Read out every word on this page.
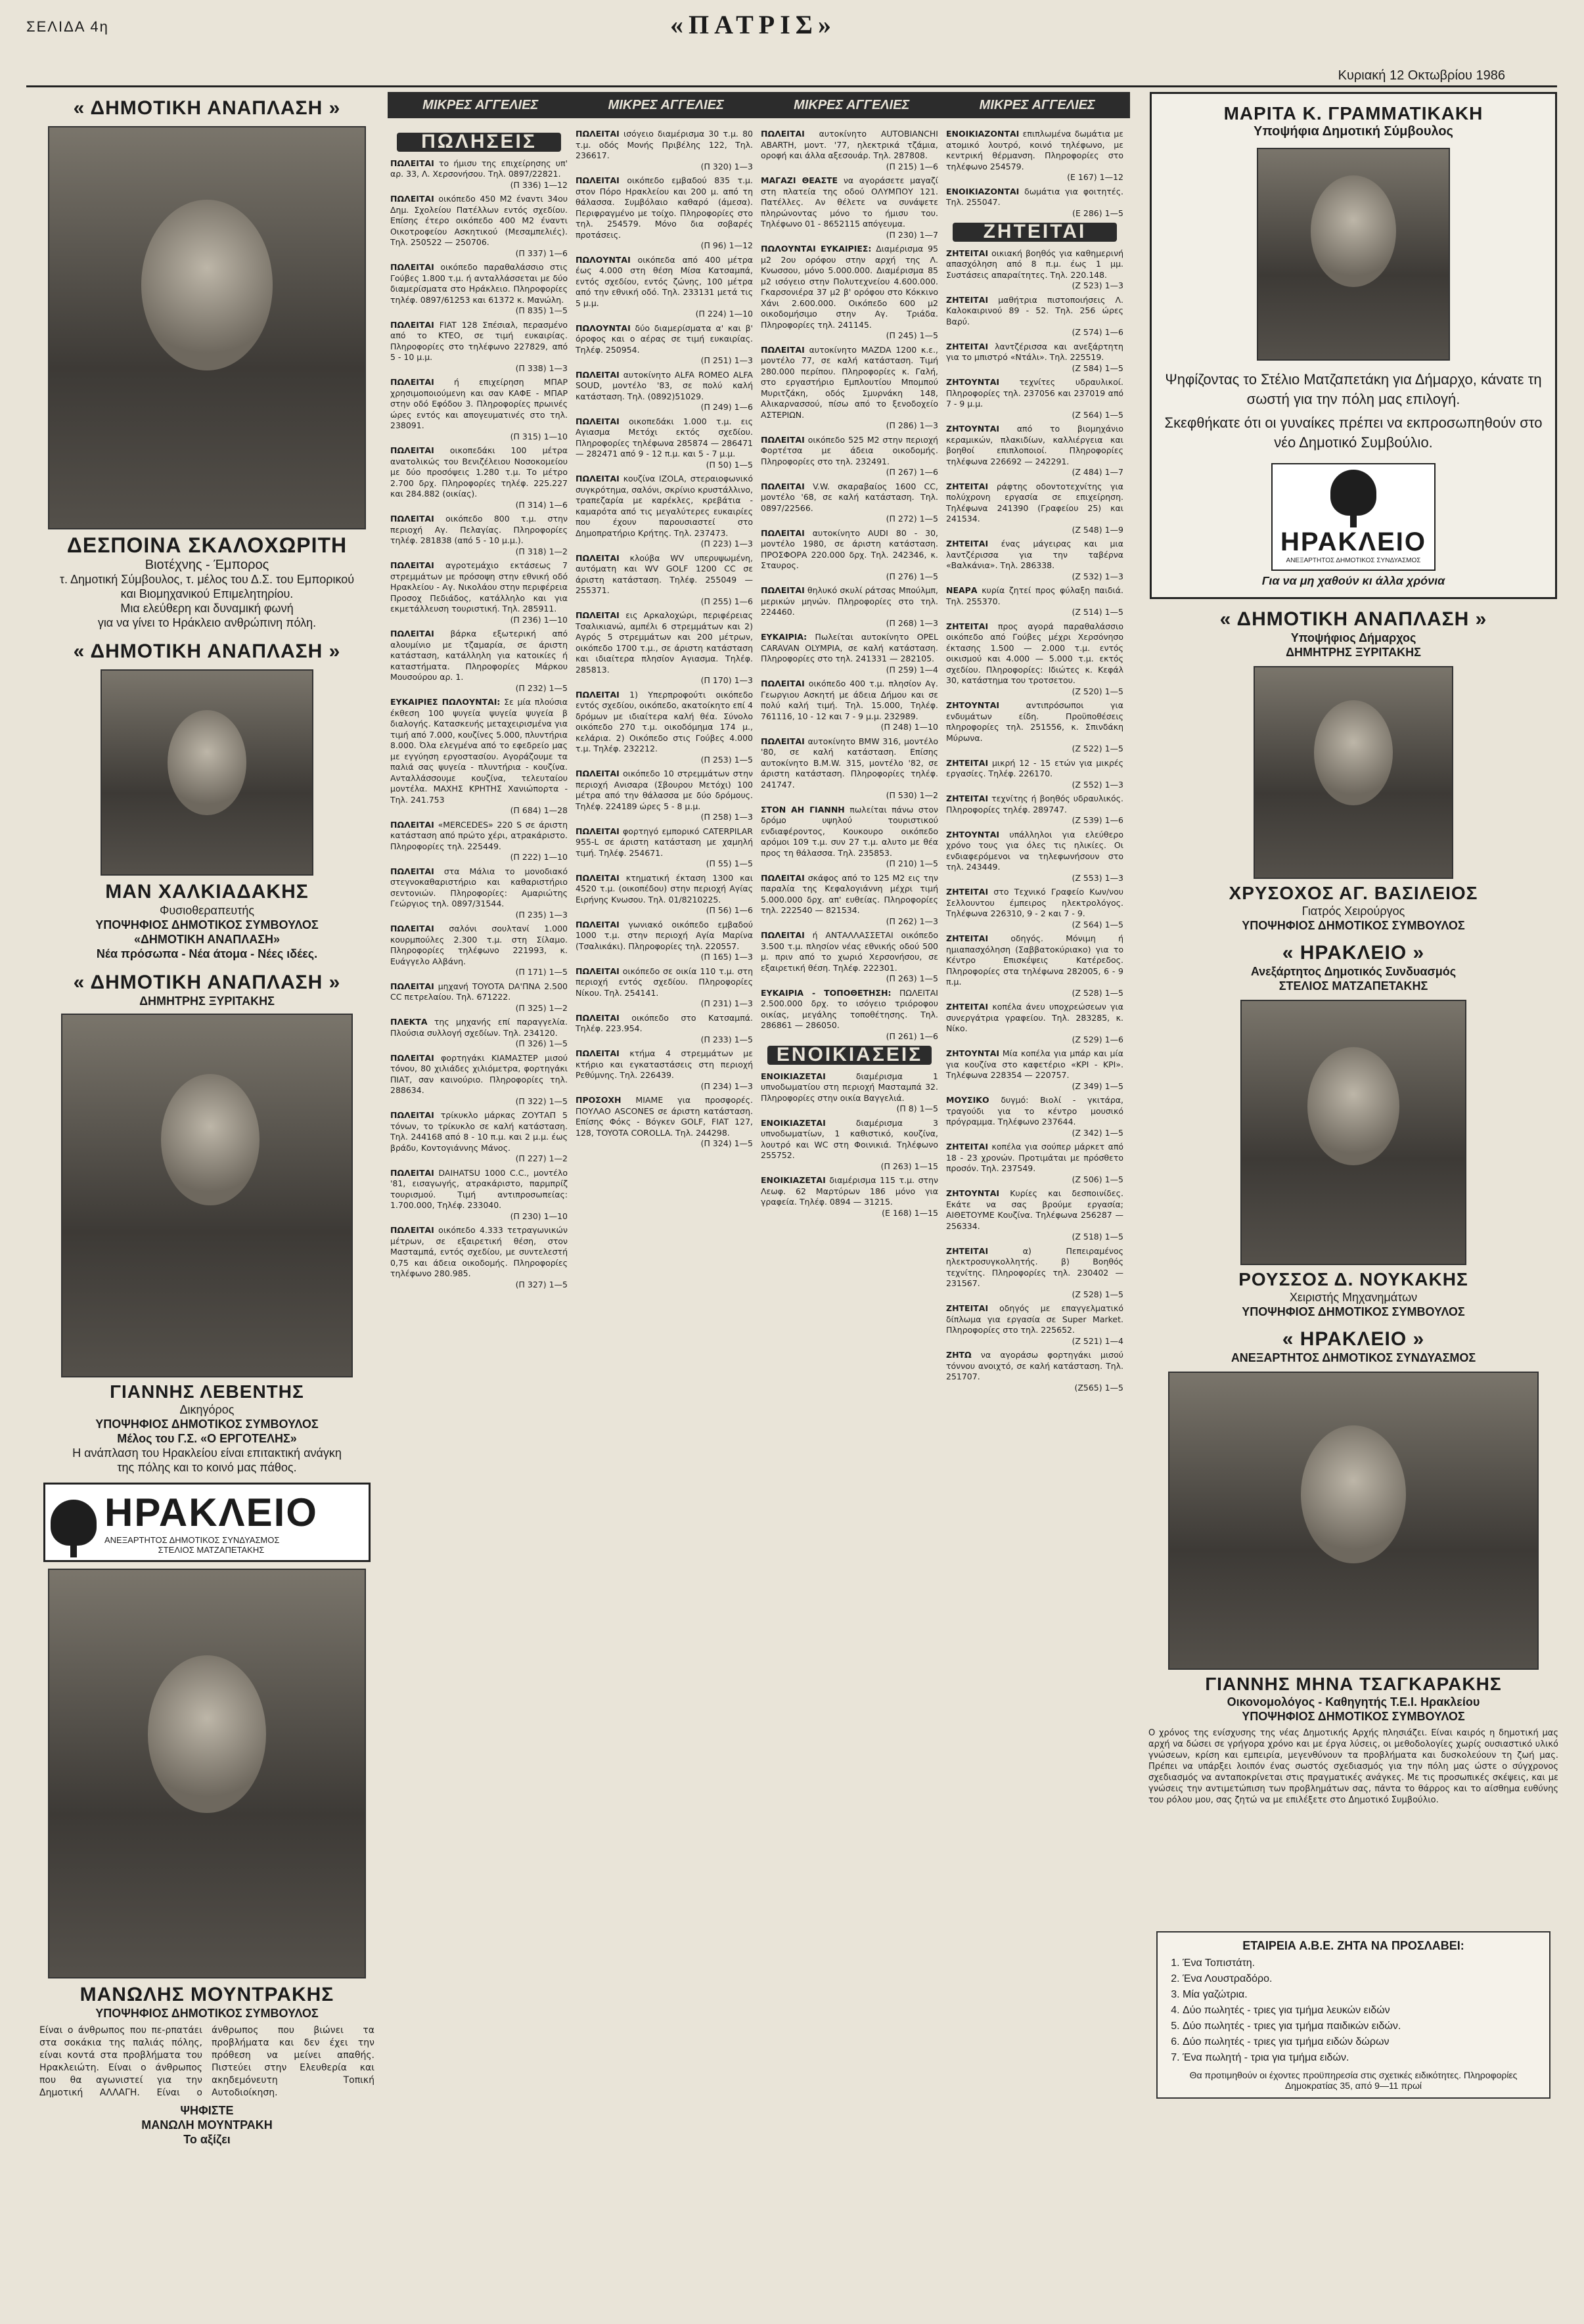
ΣΕΛΙΔΑ 4η	«ΠΑΤΡΙΣ»
Κυριακή 12 Οκτωβρίου 1986
« ΔΗΜΟΤΙΚΗ ΑΝΑΠΛΑΣΗ »
ΔΕΣΠΟΙΝΑ ΣΚΑΛΟΧΩΡΙΤΗ
Βιοτέχνης - Έμπορος
τ. Δημοτική Σύμβουλος, τ. μέλος του Δ.Σ. του Εμπορικού
και Βιομηχανικού Επιμελητηρίου.
Μια ελεύθερη και δυναμική φωνή
για να γίνει το Ηράκλειο ανθρώπινη πόλη.
« ΔΗΜΟΤΙΚΗ ΑΝΑΠΛΑΣΗ »
ΜΑΝ ΧΑΛΚΙΑΔΑΚΗΣ
Φυσιοθεραπευτής
ΥΠΟΨΗΦΙΟΣ ΔΗΜΟΤΙΚΟΣ ΣΥΜΒΟΥΛΟΣ
«ΔΗΜΟΤΙΚΗ ΑΝΑΠΛΑΣΗ»
Νέα πρόσωπα - Νέα άτομα - Νέες ιδέες.
« ΔΗΜΟΤΙΚΗ ΑΝΑΠΛΑΣΗ »
ΔΗΜΗΤΡΗΣ ΞΥΡΙΤΑΚΗΣ
ΓΙΑΝΝΗΣ ΛΕΒΕΝΤΗΣ
Δικηγόρος
ΥΠΟΨΗΦΙΟΣ ΔΗΜΟΤΙΚΟΣ ΣΥΜΒΟΥΛΟΣ
Μέλος του Γ.Σ. «Ο ΕΡΓΟΤΕΛΗΣ»
Η ανάπλαση του Ηρακλείου είναι επιτακτική ανάγκη
της πόλης και το κοινό μας πάθος.
ΗΡΑΚΛΕΙΟ
ΑΝΕΞΑΡΤΗΤΟΣ ΔΗΜΟΤΙΚΟΣ ΣΥΝΔΥΑΣΜΟΣ
ΣΤΕΛΙΟΣ ΜΑΤΖΑΠΕΤΑΚΗΣ
ΜΑΝΩΛΗΣ ΜΟΥΝΤΡΑΚΗΣ
ΥΠΟΨΗΦΙΟΣ ΔΗΜΟΤΙΚΟΣ ΣΥΜΒΟΥΛΟΣ
Είναι ο άνθρωπος που πε-ρπατάει στα σοκάκια της παλιάς πόλης, είναι κοντά στα προβλήματα του Ηρακλειώτη. Είναι ο άνθρωπος που θα αγωνιστεί για την Δημοτική ΑΛΛΑΓΗ. Είναι ο άνθρωπος που βιώνει τα προβλήματα και δεν έχει την πρόθεση να μείνει απαθής. Πιστεύει στην Ελευθερία και ακηδεμόνευτη Τοπική Αυτοδιοίκηση.
ΨΗΦΙΣΤΕ
ΜΑΝΩΛΗ ΜΟΥΝΤΡΑΚΗ
Το αξίζει
ΜΙΚΡΕΣ ΑΓΓΕΛΙΕΣ	ΜΙΚΡΕΣ ΑΓΓΕΛΙΕΣ	ΜΙΚΡΕΣ ΑΓΓΕΛΙΕΣ	ΜΙΚΡΕΣ ΑΓΓΕΛΙΕΣ
ΠΩΛΗΣΕΙΣ

ΠΩΛΕΙΤΑΙ το ήμισυ της επιχείρησης υπ' αρ. 33, Λ. Χερσονήσου. Τηλ. 0897/22821.
(Π 336) 1—12

ΠΩΛΕΙΤΑΙ οικόπεδο 450 Μ2 έναντι 34ου Δημ. Σχολείου Πατέλλων εντός σχεδίου. Επίσης έτερο οικόπεδο 400 Μ2 έναντι Οικοτροφείου Ασκητικού (Μεσαμπελιές). Τηλ. 250522 — 250706.
(Π 337) 1—6

ΠΩΛΕΙΤΑΙ οικόπεδο παραθαλάσσιο στις Γούβες 1.800 τ.μ. ή ανταλλάσσεται με δύο διαμερίσματα στο Ηράκλειο. Πληροφορίες τηλέφ. 0897/61253 και 61372 κ. Μανώλη.
(Π 835) 1—5

ΠΩΛΕΙΤΑΙ FIAT 128 Σπέσιαλ, περασμένο από το ΚΤΕΟ, σε τιμή ευκαιρίας. Πληροφορίες στο τηλέφωνο 227829, από 5 - 10 μ.μ.
(Π 338) 1—3

ΠΩΛΕΙΤΑΙ ή επιχείρηση ΜΠΑΡ χρησιμοποιούμενη και σαν ΚΑΦΕ - ΜΠΑΡ στην οδό Εφόδου 3. Πληροφορίες πρωινές ώρες εντός και απογευματινές στο τηλ. 238091.
(Π 315) 1—10

ΠΩΛΕΙΤΑΙ οικοπεδάκι 100 μέτρα ανατολικώς του Βενιζέλειου Νοσοκομείου με δύο προσόψεις 1.280 τ.μ. Το μέτρο 2.700 δρχ. Πληροφορίες τηλέφ. 225.227 και 284.882 (οικίας).
(Π 314) 1—6

ΠΩΛΕΙΤΑΙ οικόπεδο 800 τ.μ. στην περιοχή Αγ. Πελαγίας. Πληροφορίες τηλέφ. 281838 (από 5 - 10 μ.μ.).
(Π 318) 1—2

ΠΩΛΕΙΤΑΙ αγροτεμάχιο εκτάσεως 7 στρεμμάτων με πρόσοψη στην εθνική οδό Ηρακλείου - Αγ. Νικολάου στην περιφέρεια Προσοχ Πεδιάδος, κατάλληλο και για εκμετάλλευση τουριστική. Τηλ. 285911.
(Π 236) 1—10

ΠΩΛΕΙΤΑΙ βάρκα εξωτερική από αλουμίνιο με τζαμαρία, σε άριστη κατάσταση, κατάλληλη για κατοικίες ή καταστήματα. Πληροφορίες Μάρκου Μουσούρου αρ. 1.
(Π 232) 1—5

ΕΥΚΑΙΡΙΕΣ ΠΩΛΟΥΝΤΑΙ: Σε μία πλούσια έκθεση 100 ψυγεία ψυγεία ψυγεία β διαλογής. Κατασκευής μεταχειρισμένα για τιμή από 7.000, κουζίνες 5.000, πλυντήρια 8.000. Όλα ελεγμένα από το εφεδρείο μας με εγγύηση εργοστασίου. Αγοράζουμε τα παλιά σας ψυγεία - πλυντήρια - κουζίνα. Ανταλλάσσουμε κουζίνα, τελευταίου μοντέλα. ΜΑΧΗΣ ΚΡΗΤΗΣ Χανιώπορτα - Τηλ. 241.753
(Π 684) 1—28

ΠΩΛΕΙΤΑΙ «MERCEDES» 220 S σε άριστη κατάσταση από πρώτο χέρι, ατρακάριστο. Πληροφορίες τηλ. 225449.
(Π 222) 1—10

ΠΩΛΕΙΤΑΙ στα Μάλια το μονοδιακό στεγνοκαθαριστήριο και καθαριστήριο σεντονιών. Πληροφορίες: Αμαριώτης Γεώργιος τηλ. 0897/31544.
(Π 235) 1—3

ΠΩΛΕΙΤΑΙ σαλόνι σουλτανί 1.000 κουρμπούλες 2.300 τ.μ. στη Σίλαμο. Πληροφορίες τηλέφωνο 221993, κ. Ευάγγελο Αλβάνη.
(Π 171) 1—5

ΠΩΛΕΙΤΑΙ μηχανή TOYOTA DA'ΠΝΑ 2.500 CC πετρελαίου. Τηλ. 671222.
(Π 325) 1—2

ΠΛΕΚΤΑ της μηχανής επί παραγγελία. Πλούσια συλλογή σχεδίων. Τηλ. 234120.
(Π 326) 1—5

ΠΩΛΕΙΤΑΙ φορτηγάκι ΚΙΑΜΑΣΤΕΡ μισού τόνου, 80 χιλιάδες χιλιόμετρα, φορτηγάκι ΠΙΑΤ, σαν καινούριο. Πληροφορίες τηλ. 288634.
(Π 322) 1—5

ΠΩΛΕΙΤΑΙ τρίκυκλο μάρκας ΖΟΥΤΑΠ 5 τόνων, το τρίκυκλο σε καλή κατάσταση. Τηλ. 244168 από 8 - 10 π.μ. και 2 μ.μ. έως βράδυ, Κοντογιάννης Μάνος.
(Π 227) 1—2

ΠΩΛΕΙΤΑΙ DAIHATSU 1000 C.C., μοντέλο '81, εισαγωγής, ατρακάριστο, παρμπρίζ τουρισμού. Τιμή αντιπροσωπείας: 1.700.000, Τηλέφ. 233040.
(Π 230) 1—10

ΠΩΛΕΙΤΑΙ οικόπεδο 4.333 τετραγωνικών μέτρων, σε εξαιρετική θέση, στον Μασταμπά, εντός σχεδίου, με συντελεστή 0,75 και άδεια οικοδομής. Πληροφορίες τηλέφωνο 280.985.
(Π 327) 1—5

ΠΩΛΕΙΤΑΙ ισόγειο διαμέρισμα 30 τ.μ. 80 τ.μ. οδός Μονής Πριβέλης 122, Τηλ. 236617.
(Π 320) 1—3

ΠΩΛΕΙΤΑΙ οικόπεδο εμβαδού 835 τ.μ. στον Πόρο Ηρακλείου και 200 μ. από τη θάλασσα. Συμβόλαιο καθαρό (άμεσα). Περιφραγμένο με τοίχο. Πληροφορίες στο τηλ. 254579. Μόνο δια σοβαρές προτάσεις.
(Π 96) 1—12

ΠΩΛΟΥΝΤΑΙ οικόπεδα από 400 μέτρα έως 4.000 στη θέση Μίσα Κατσαμπά, εντός σχεδίου, εντός ζώνης, 100 μέτρα από την εθνική οδό. Τηλ. 233131 μετά τις 5 μ.μ.
(Π 224) 1—10

ΠΩΛΟΥΝΤΑΙ δύο διαμερίσματα α' και β' όροφος και ο αέρας σε τιμή ευκαιρίας. Τηλέφ. 250954.
(Π 251) 1—3

ΠΩΛΕΙΤΑΙ αυτοκίνητο ALFA ROMEO ALFA SOUD, μοντέλο '83, σε πολύ καλή κατάσταση. Τηλ. (0892)51029.
(Π 249) 1—6

ΠΩΛΕΙΤΑΙ οικοπεδάκι 1.000 τ.μ. εις Αγιασμα Μετόχι εκτός σχεδίου. Πληροφορίες τηλέφωνα 285874 — 286471 — 282471 από 9 - 12 π.μ. και 5 - 7 μ.μ.
(Π 50) 1—5

ΠΩΛΕΙΤΑΙ κουζίνα IZOLA, στεραιοφωνικό συγκρότημα, σαλόνι, σκρίνιο κρυστάλλινο, τραπεζαρία με καρέκλες, κρεβάτια - καμαρότα από τις μεγαλύτερες ευκαιρίες που έχουν παρουσιαστεί στο Δημοπρατήριο Κρήτης. Τηλ. 237473.
(Π 223) 1—3

ΠΩΛΕΙΤΑΙ κλούβα WV υπερυψωμένη, αυτόματη και WV GOLF 1200 CC σε άριστη κατάσταση. Τηλέφ. 255049 — 255371.
(Π 255) 1—6

ΠΩΛΕΙΤΑΙ εις Αρκαλοχώρι, περιφέρειας Τσαλικιανώ, αμπέλι 6 στρεμμάτων και 2) Αγρός 5 στρεμμάτων και 200 μέτρων, οικόπεδο 1700 τ.μ., σε άριστη κατάσταση και ιδιαίτερα πλησίον Αγιασμα. Τηλέφ. 285813.
(Π 170) 1—3

ΠΩΛΕΙΤΑΙ 1) Υπερπροφούτι οικόπεδο εντός σχεδίου, οικόπεδο, ακατοίκητο επί 4 δρόμων με ιδιαίτερα καλή θέα. Σύνολο οικόπεδο 270 τ.μ. οικοδόμημα 174 μ., κελάρια. 2) Οικόπεδο στις Γούβες 4.000 τ.μ. Τηλέφ. 232212.
(Π 253) 1—5

ΠΩΛΕΙΤΑΙ οικόπεδο 10 στρεμμάτων στην περιοχή Ανισαρα (Σβουρου Μετόχι) 100 μέτρα από την θάλασσα με δύο δρόμους. Τηλέφ. 224189 ώρες 5 - 8 μ.μ.
(Π 258) 1—3

ΠΩΛΕΙΤΑΙ φορτηγό εμπορικό CATERPILAR 955-L σε άριστη κατάσταση με χαμηλή τιμή. Τηλέφ. 254671.
(Π 55) 1—5

ΠΩΛΕΙΤΑΙ κτηματική έκταση 1300 και 4520 τ.μ. (οικοπέδου) στην περιοχή Αγίας Ειρήνης Κνωσου. Τηλ. 01/8210225.
(Π 56) 1—6

ΠΩΛΕΙΤΑΙ γωνιακό οικόπεδο εμβαδού 1000 τ.μ. στην περιοχή Αγία Μαρίνα (Τσαλικάκι). Πληροφορίες τηλ. 220557.
(Π 165) 1—3

ΠΩΛΕΙΤΑΙ οικόπεδο σε οικία 110 τ.μ. στη περιοχή εντός σχεδίου. Πληροφορίες Νίκου. Τηλ. 254141.
(Π 231) 1—3

ΠΩΛΕΙΤΑΙ οικόπεδο στο Κατσαμπά. Τηλέφ. 223.954.
(Π 233) 1—5

ΠΩΛΕΙΤΑΙ κτήμα 4 στρεμμάτων με κτήριο και εγκαταστάσεις στη περιοχή Ρεθύμνης. Τηλ. 226439.
(Π 234) 1—3

ΠΡΟΣΟΧΗ ΜΙΑΜΕ για προσφορές. ΠΟΥΛΑΟ ASCONES σε άριστη κατάσταση. Επίσης Φόκς - Βόγκεν GOLF, FIAT 127, 128, TOYOTA COROLLA. Τηλ. 244298.
(Π 324) 1—5

ΠΩΛΕΙΤΑΙ αυτοκίνητο AUTOBIANCHI ABARTH, μοντ. '77, ηλεκτρικά τζάμια, οροφή και άλλα αξεσουάρ. Τηλ. 287808.
(Π 215) 1—6

ΜΑΓΑΖΙ ΘΕΑΣΤΕ να αγοράσετε μαγαζί στη πλατεία της οδού ΟΛΥΜΠΟΥ 121. Πατέλλες. Αν θέλετε να συνάψετε πληρώνοντας μόνο το ήμισυ του. Τηλέφωνο 01 - 8652115 απόγευμα.
(Π 230) 1—7

ΠΩΛΟΥΝΤΑΙ ΕΥΚΑΙΡΙΕΣ: Διαμέρισμα 95 μ2 2ου ορόφου στην αρχή της Λ. Κνωσσου, μόνο 5.000.000. Διαμέρισμα 85 μ2 ισόγειο στην Πολυτεχνείου 4.600.000. Γκαρσονιέρα 37 μ2 β' ορόφου στο Κόκκινο Χάνι 2.600.000. Οικόπεδο 600 μ2 οικοδομήσιμο στην Αγ. Τριάδα. Πληροφορίες τηλ. 241145.
(Π 245) 1—5

ΠΩΛΕΙΤΑΙ αυτοκίνητο MAZDA 1200 κ.ε., μοντέλο 77, σε καλή κατάσταση. Τιμή 280.000 περίπου. Πληροφορίες κ. Γαλή, στο εργαστήριο Εμπλουτίου Μπομπού Μυριτζάκη, οδός Σμυρνάκη 148, Αλικαρνασσού, πίσω από το ξενοδοχείο ΑΣΤΕΡΙΩΝ.
(Π 286) 1—3

ΠΩΛΕΙΤΑΙ οικόπεδο 525 Μ2 στην περιοχή Φορτέτσα με άδεια οικοδομής. Πληροφορίες στο τηλ. 232491.
(Π 267) 1—6

ΠΩΛΕΙΤΑΙ V.W. σκαραβαίος 1600 CC, μοντέλο '68, σε καλή κατάσταση. Τηλ. 0897/22566.
(Π 272) 1—5

ΠΩΛΕΙΤΑΙ αυτοκίνητο AUDI 80 - 30, μοντέλο 1980, σε άριστη κατάσταση. ΠΡΟΣΦΟΡΑ 220.000 δρχ. Τηλ. 242346, κ. Σταυρος.
(Π 276) 1—5

ΠΩΛΕΙΤΑΙ θηλυκό σκυλί ράτσας Μπούλμπ, μερικών μηνών. Πληροφορίες στο τηλ. 224460.
(Π 268) 1—3

ΕΥΚΑΙΡΙΑ: Πωλείται αυτοκίνητο OPEL CARAVAN OLYMPIA, σε καλή κατάσταση. Πληροφορίες στο τηλ. 241331 — 282105.
(Π 259) 1—4

ΠΩΛΕΙΤΑΙ οικόπεδο 400 τ.μ. πλησίον Αγ. Γεωργιου Ασκητή με άδεια Δήμου και σε πολύ καλή τιμή. Τηλ. 15.000, Τηλέφ. 761116, 10 - 12 και 7 - 9 μ.μ. 232989.
(Π 248) 1—10

ΠΩΛΕΙΤΑΙ αυτοκίνητο BMW 316, μοντέλο '80, σε καλή κατάσταση. Επίσης αυτοκίνητο B.M.W. 315, μοντέλο '82, σε άριστη κατάσταση. Πληροφορίες τηλέφ. 241747.
(Π 530) 1—2

ΣΤΟΝ ΑΗ ΓΙΑΝΝΗ πωλείται πάνω στον δρόμο υψηλού τουριστικού ενδιαφέροντος, Κουκουρο οικόπεδο αρόμοι 109 τ.μ. συν 27 τ.μ. αλυτο με θέα προς τη θάλασσα. Τηλ. 235853.
(Π 210) 1—5

ΠΩΛΕΙΤΑΙ σκάφος από το 125 Μ2 εις την παραλία της Κεφαλογιάννη μέχρι τιμή 5.000.000 δρχ. απ' ευθείας. Πληροφορίες τηλ. 222540 — 821534.
(Π 262) 1—3

ΠΩΛΕΙΤΑΙ ή ΑΝΤΑΛΛΑΣΣΕΤΑΙ οικόπεδο 3.500 τ.μ. πλησίον νέας εθνικής οδού 500 μ. πριν από το χωριό Χερσονήσου, σε εξαιρετική θέση. Τηλέφ. 222301.
(Π 263) 1—5

ΕΥΚΑΙΡΙΑ - ΤΟΠΟΘΕΤΗΣΗ: ΠΩΛΕΙΤΑΙ 2.500.000 δρχ. το ισόγειο τριόροφου οικίας, μεγάλης τοποθέτησης. Τηλ. 286861 — 286050.
(Π 261) 1—6

ΕΝΟΙΚΙΑΣΕΙΣ

ΕΝΟΙΚΙΑΖΕΤΑΙ	διαμέρισμα 1 υπνοδωματίου στη περιοχή Μασταμπά 32. Πληροφορίες στην οικία Βαγγελιά.
(Π 8) 1—5

ΕΝΟΙΚΙΑΖΕΤΑΙ	διαμέρισμα 3 υπνοδωματίων, 1 καθιστικό, κουζίνα, λουτρό και WC στη Φοινικιά. Τηλέφωνο 255752.
(Π 263) 1—15

ΕΝΟΙΚΙΑΖΕΤΑΙ διαμέρισμα 115 τ.μ. στην Λεωφ. 62 Μαρτύρων 186 μόνο για γραφεία. Τηλέφ. 0894 — 31215.
(Ε 168) 1—15

ΕΝΟΙΚΙΑΖΟΝΤΑΙ επιπλωμένα δωμάτια με ατομικό λουτρό, κοινό τηλέφωνο, με κεντρική θέρμανση. Πληροφορίες στο τηλέφωνο 254579.
(Ε 167) 1—12

ΕΝΟΙΚΙΑΖΟΝΤΑΙ δωμάτια για φοιτητές. Τηλ. 255047.
(Ε 286) 1—5

ΖΗΤΕΙΤΑΙ

ΖΗΤΕΙΤΑΙ οικιακή βοηθός για καθημερινή απασχόληση από 8 π.μ. έως 1 μμ. Συστάσεις απαραίτητες. Τηλ. 220.148.
(Ζ 523) 1—3

ΖΗΤΕΙΤΑΙ μαθήτρια πιστοποιήσεις Λ. Καλοκαιρινού 89 - 52. Τηλ. 256 ώρες Βαρύ.
(Ζ 574) 1—6

ΖΗΤΕΙΤΑΙ λαντζέρισσα και ανεξάρτητη για το μπιστρό «Ντάλι». Τηλ. 225519.
(Ζ 584) 1—5

ΖΗΤΟΥΝΤΑΙ τεχνίτες υδραυλικοί. Πληροφορίες τηλ. 237056 και 237019 από 7 - 9 μ.μ.
(Ζ 564) 1—5

ΖΗΤΟΥΝΤΑΙ από το βιομηχάνιο κεραμικών, πλακιδίων, καλλιέργεια και βοηθοί επιπλοποιοί. Πληροφορίες τηλέφωνα 226692 — 242291.
(Ζ 484) 1—7

ΖΗΤΕΙΤΑΙ ράφτης οδοντοτεχνίτης για πολύχρονη εργασία σε επιχείρηση. Τηλέφωνα 241390 (Γραφείου 25) και 241534.
(Ζ 548) 1—9

ΖΗΤΕΙΤΑΙ ένας μάγειρας και μια λαντζέρισσα για την ταβέρνα «Βαλκάνια». Τηλ. 286338.
(Ζ 532) 1—3

ΝΕΑΡΑ κυρία ζητεί προς φύλαξη παιδιά. Τηλ. 255370.
(Ζ 514) 1—5

ΖΗΤΕΙΤΑΙ προς αγορά παραθαλάσσιο οικόπεδο από Γούβες μέχρι Χερσόνησο έκτασης 1.500 — 2.000 τ.μ. εντός οικισμού και 4.000 — 5.000 τ.μ. εκτός σχεδίου. Πληροφορίες: Ιδιώτες κ. Κεφάλ 30, κατάστημα του τροτσετου.
(Ζ 520) 1—5

ΖΗΤΟΥΝΤΑΙ	αντιπρόσωποι για ενδυμάτων είδη. Προϋποθέσεις πληροφορίες τηλ. 251556, κ. Σπινδάκη Μύρωνα.
(Ζ 522) 1—5

ΖΗΤΕΙΤΑΙ μικρή 12 - 15 ετών για μικρές εργασίες. Τηλέφ. 226170.
(Ζ 552) 1—3

ΖΗΤΕΙΤΑΙ τεχνίτης ή βοηθός υδραυλικός. Πληροφορίες τηλέφ. 289747.
(Ζ 539) 1—6

ΖΗΤΟΥΝΤΑΙ υπάλληλοι για ελεύθερο χρόνο τους για όλες τις ηλικίες. Οι ενδιαφερόμενοι να τηλεφωνήσουν στο τηλ. 243449.
(Ζ 553) 1—3

ΖΗΤΕΙΤΑΙ στο Τεχνικό Γραφείο Κων/νου Σελλουντου έμπειρος ηλεκτρολόγος. Τηλέφωνα 226310, 9 - 2 και 7 - 9.
(Ζ 564) 1—5

ΖΗΤΕΙΤΑΙ	οδηγός. Μόνιμη ή ημιαπασχόληση (Σαββατοκύριακο) για το Κέντρο Επισκέψεις Κατέρεδος. Πληροφορίες στα τηλέφωνα 282005, 6 - 9 π.μ.
(Ζ 528) 1—5

ΖΗΤΕΙΤΑΙ κοπέλα άνευ υποχρεώσεων για συνεργάτρια γραφείου. Τηλ. 283285, κ. Νίκο.
(Ζ 529) 1—6

ΖΗΤΟΥΝΤΑΙ Μία κοπέλα για μπάρ και μία για κουζίνα στο καφετέριο «ΚΡΙ - ΚΡΙ». Τηλέφωνα 228354 — 220757.
(Ζ 349) 1—5

ΜΟΥΣΙΚΟ δυγμό: Βιολί - γκιτάρα, τραγούδι για το κέντρο μουσικό πρόγραμμα. Τηλέφωνο 237644.
(Ζ 342) 1—5

ΖΗΤΕΙΤΑΙ κοπέλα για σούπερ μάρκετ από 18 - 23 χρονών. Προτιμάται με πρόσθετο προσόν. Τηλ. 237549.
(Ζ 506) 1—5

ΖΗΤΟΥΝΤΑΙ Κυρίες και δεσποινίδες. Εκάτε να σας βρούμε εργασία; ΑΙΘΕΤΟΥΜΕ Κουζίνα. Τηλέφωνα 256287 — 256334.
(Ζ 518) 1—5

ΖΗΤΕΙΤΑΙ	α) Πεπειραμένος ηλεκτροσυγκολλητής. β) Βοηθός τεχνίτης. Πληροφορίες τηλ. 230402 — 231567.
(Ζ 528) 1—5

ΖΗΤΕΙΤΑΙ οδηγός με επαγγελματικό δίπλωμα για εργασία σε Super Market. Πληροφορίες στο τηλ. 225652.
(Ζ 521) 1—4

ΖΗΤΩ να αγοράσω φορτηγάκι μισού τόννου ανοιχτό, σε καλή κατάσταση. Τηλ. 251707.
(Ζ565) 1—5

ΜΑΡΙΤΑ Κ. ΓΡΑΜΜΑΤΙΚΑΚΗ
Υποψήφια Δημοτική Σύμβουλος
Ψηφίζοντας το Στέλιο Ματζαπετάκη για Δήμαρχο, κάνατε τη σωστή για την πόλη μας επιλογή.
Σκεφθήκατε ότι οι γυναίκες πρέπει να εκπροσωπηθούν στο νέο Δημοτικό Συμβούλιο.
ΗΡΑΚΛΕΙΟ
ΑΝΕΞΑΡΤΗΤΟΣ ΔΗΜΟΤΙΚΟΣ ΣΥΝΔΥΑΣΜΟΣ
Για να μη χαθούν κι άλλα χρόνια
« ΔΗΜΟΤΙΚΗ ΑΝΑΠΛΑΣΗ »
Υποψήφιος Δήμαρχος
ΔΗΜΗΤΡΗΣ ΞΥΡΙΤΑΚΗΣ
ΧΡΥΣΟΧΟΣ ΑΓ. ΒΑΣΙΛΕΙΟΣ
Γιατρός Χειρούργος
ΥΠΟΨΗΦΙΟΣ ΔΗΜΟΤΙΚΟΣ ΣΥΜΒΟΥΛΟΣ
« ΗΡΑΚΛΕΙΟ »
Ανεξάρτητος Δημοτικός Συνδυασμός
ΣΤΕΛΙΟΣ ΜΑΤΖΑΠΕΤΑΚΗΣ
ΡΟΥΣΣΟΣ Δ. ΝΟΥΚΑΚΗΣ
Χειριστής Μηχανημάτων
ΥΠΟΨΗΦΙΟΣ ΔΗΜΟΤΙΚΟΣ ΣΥΜΒΟΥΛΟΣ
« ΗΡΑΚΛΕΙΟ »
ΑΝΕΞΑΡΤΗΤΟΣ ΔΗΜΟΤΙΚΟΣ ΣΥΝΔΥΑΣΜΟΣ
ΓΙΑΝΝΗΣ ΜΗΝΑ ΤΣΑΓΚΑΡΑΚΗΣ
Οικονομολόγος - Καθηγητής Τ.Ε.Ι. Ηρακλείου
ΥΠΟΨΗΦΙΟΣ ΔΗΜΟΤΙΚΟΣ ΣΥΜΒΟΥΛΟΣ
Ο χρόνος της ενίσχυσης της νέας Δημοτικής Αρχής πλησιάζει. Είναι καιρός η δημοτική μας αρχή να δώσει σε γρήγορα χρόνο και με έργα λύσεις, οι μεθοδολογίες χωρίς ουσιαστικό υλικό γνώσεων, κρίση και εμπειρία, μεγενθύνουν τα προβλήματα και δυσκολεύουν τη ζωή μας. Πρέπει να υπάρξει λοιπόν ένας σωστός σχεδιασμός για την πόλη μας ώστε ο σύγχρονος σχεδιασμός να ανταποκρίνεται στις πραγματικές ανάγκες. Με τις προσωπικές σκέψεις, και με γνώσεις την αντιμετώπιση των προβλημάτων σας, πάντα το θάρρος και το αίσθημα ευθύνης του ρόλου μου, σας ζητώ να με επιλέξετε στο Δημοτικό Συμβούλιο.
ΕΤΑΙΡΕΙΑ Α.Β.Ε. ΖΗΤΑ ΝΑ ΠΡΟΣΛΑΒΕΙ:
1. Ένα Τοπιστάτη.
2. Ένα Λουστραδόρο.
3. Μία γαζώτρια.
4. Δύο πωλητές - τριες για τμήμα λευκών ειδών
5. Δύο πωλητές - τριες για τμήμα παιδικών ειδών.
6. Δύο πωλητές - τριες για τμήμα ειδών δώρων
7. Ένα πωλητή - τρια για τμήμα ειδών.
Θα προτιμηθούν οι έχοντες προϋπηρεσία στις σχετικές ειδικότητες. Πληροφορίες Δημοκρατίας 35, από 9—11 πρωί
